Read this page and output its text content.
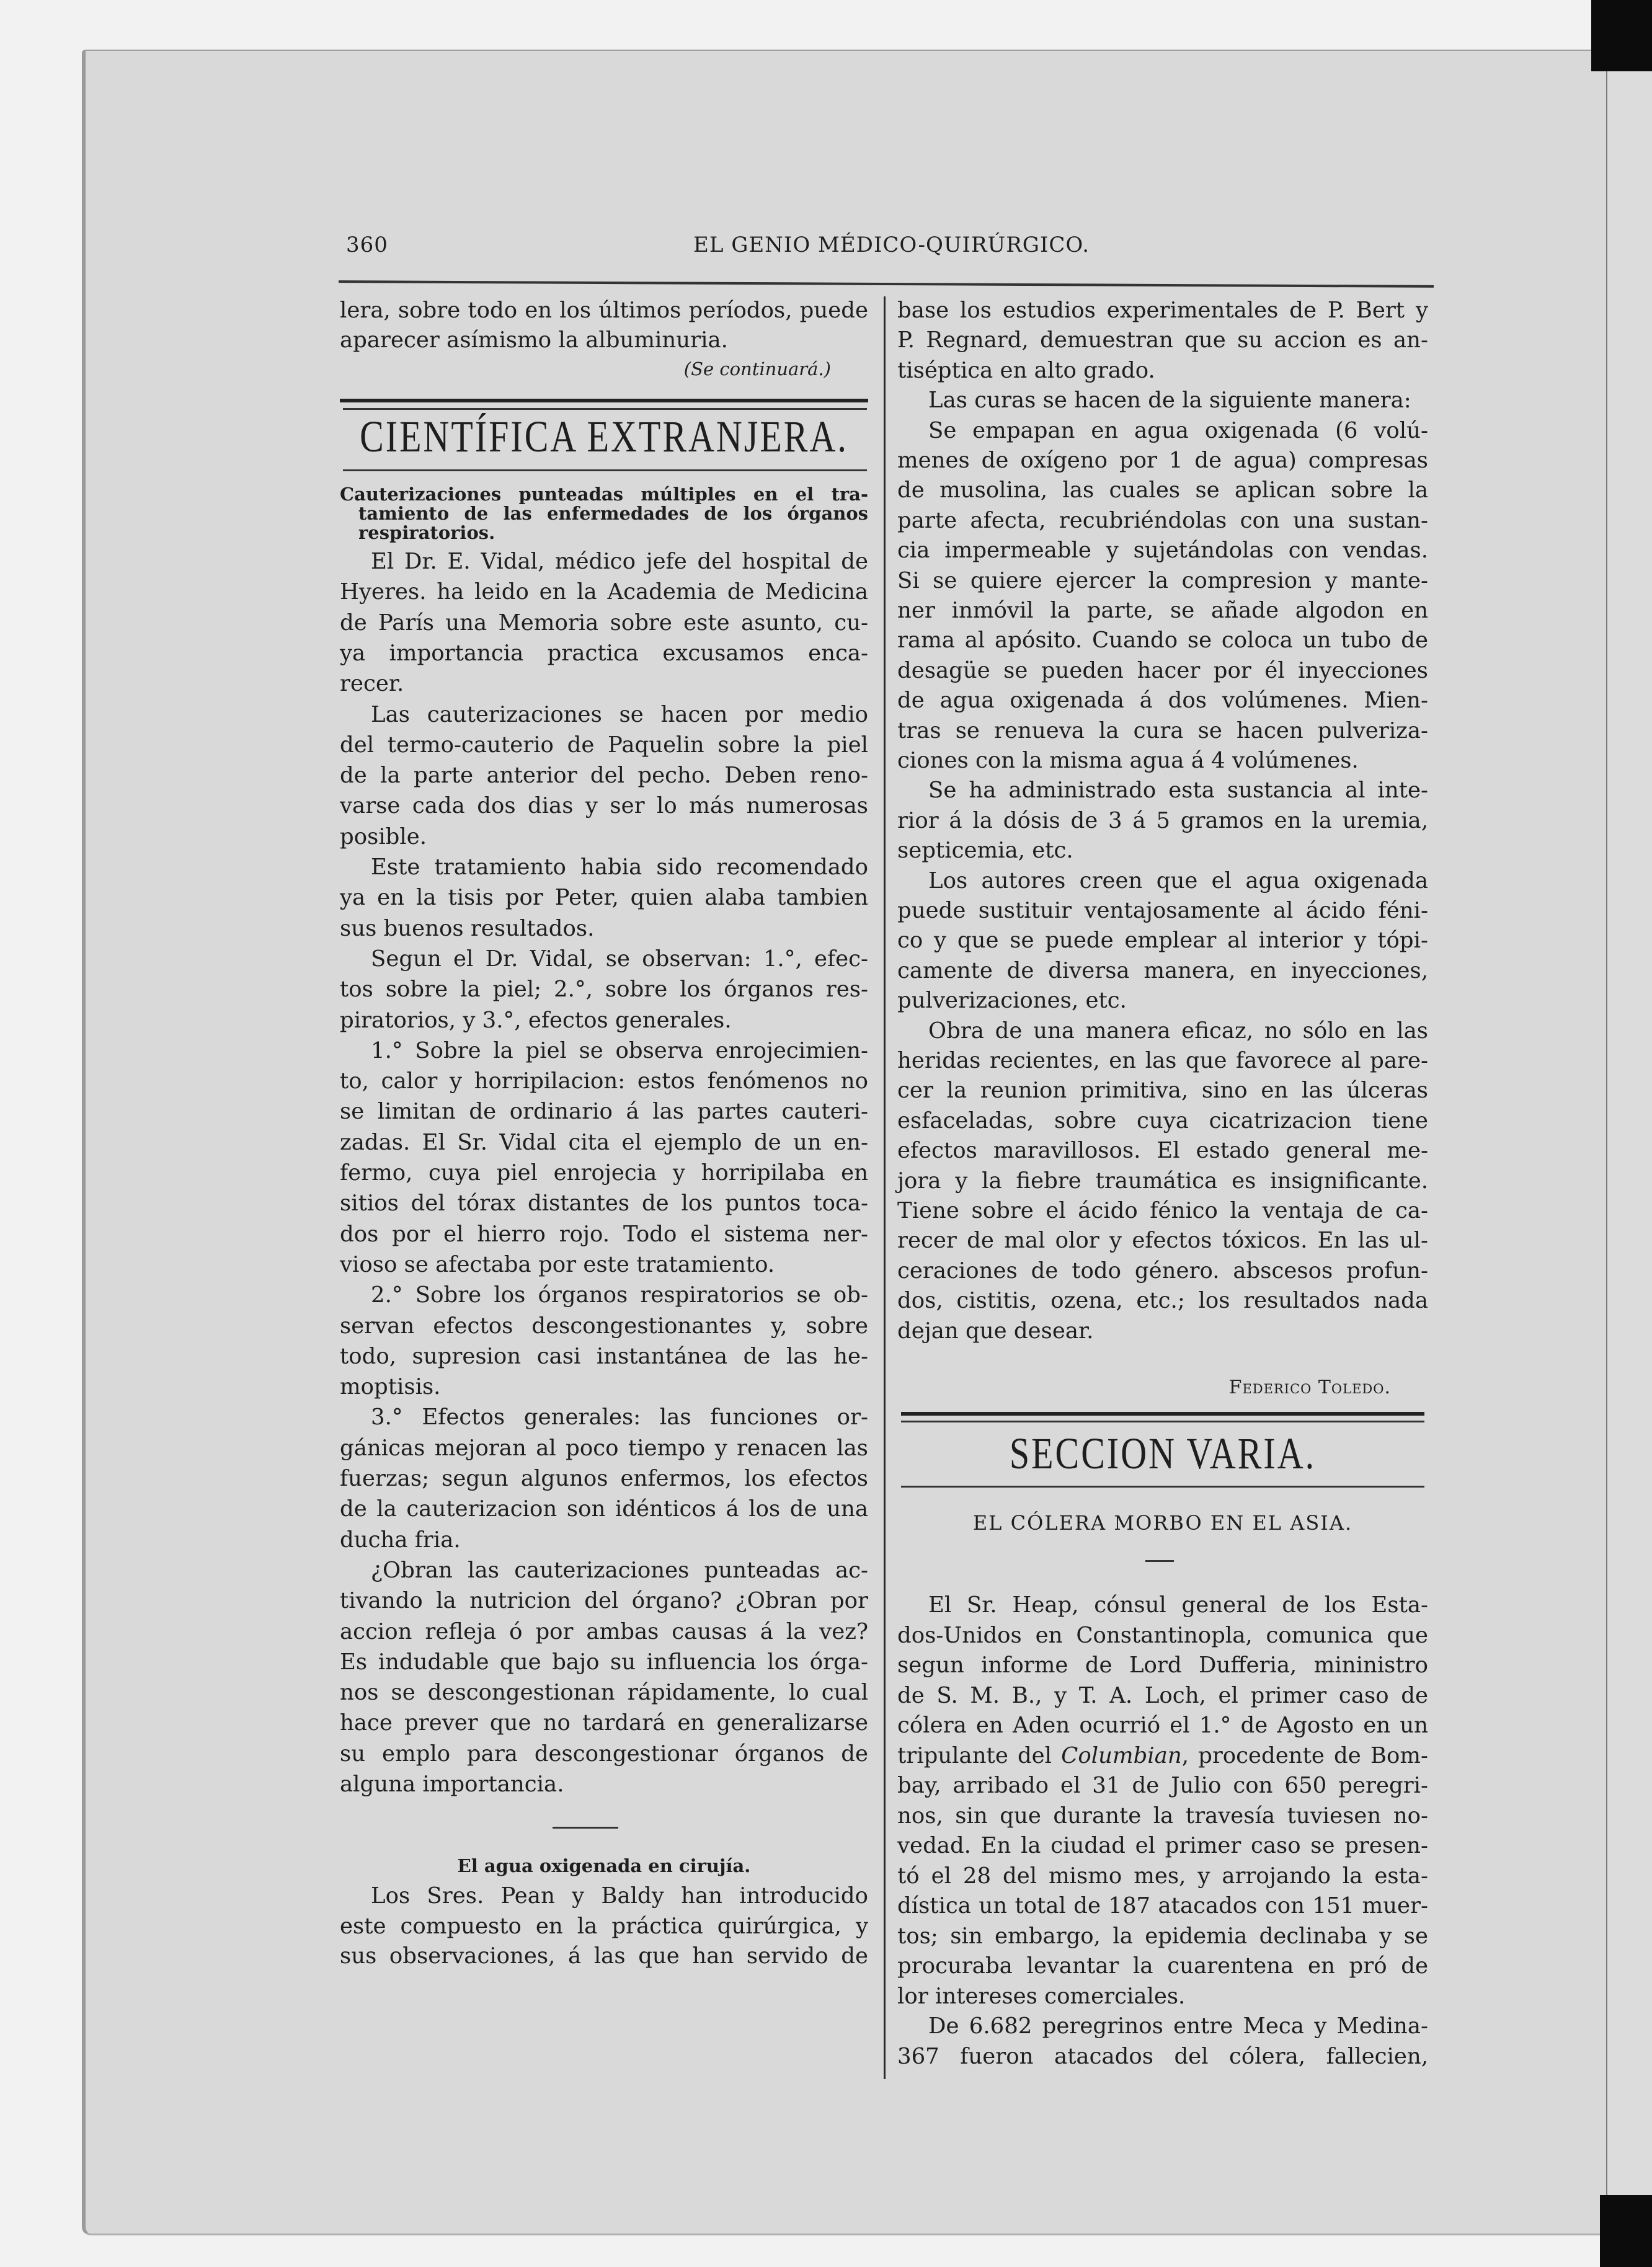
360	EL GENIO MÉDICO-QUIRÚRGICO.
lera, sobre todo en los últimos períodos, puede
aparecer asímismo la albuminuria.
(Se continuará.)
CIENTÍFICA EXTRANJERA.
Cauterizaciones punteadas múltiples en el tra-
tamiento de las enfermedades de los órganos
respiratorios.
El Dr. E. Vidal, médico jefe del hospital de
Hyeres. ha leido en la Academia de Medicina
de París una Memoria sobre este asunto, cu-
ya importancia practica excusamos enca-
recer.
Las cauterizaciones se hacen por medio
del termo-cauterio de Paquelin sobre la piel
de la parte anterior del pecho. Deben reno-
varse cada dos dias y ser lo más numerosas
posible.
Este tratamiento habia sido recomendado
ya en la tisis por Peter, quien alaba tambien
sus buenos resultados.
Segun el Dr. Vidal, se observan: 1.°, efec-
tos sobre la piel; 2.°, sobre los órganos res-
piratorios, y 3.°, efectos generales.
1.° Sobre la piel se observa enrojecimien-
to, calor y horripilacion: estos fenómenos no
se limitan de ordinario á las partes cauteri-
zadas. El Sr. Vidal cita el ejemplo de un en-
fermo, cuya piel enrojecia y horripilaba en
sitios del tórax distantes de los puntos toca-
dos por el hierro rojo. Todo el sistema ner-
vioso se afectaba por este tratamiento.
2.° Sobre los órganos respiratorios se ob-
servan efectos descongestionantes y, sobre
todo, supresion casi instantánea de las he-
moptisis.
3.° Efectos generales: las funciones or-
gánicas mejoran al poco tiempo y renacen las
fuerzas; segun algunos enfermos, los efectos
de la cauterizacion son idénticos á los de una
ducha fria.
¿Obran las cauterizaciones punteadas ac-
tivando la nutricion del órgano? ¿Obran por
accion refleja ó por ambas causas á la vez?
Es indudable que bajo su influencia los órga-
nos se descongestionan rápidamente, lo cual
hace prever que no tardará en generalizarse
su emplo para descongestionar órganos de
alguna importancia.
El agua oxigenada en cirujía.
Los Sres. Pean y Baldy han introducido
este compuesto en la práctica quirúrgica, y
sus observaciones, á las que han servido de
base los estudios experimentales de P. Bert y
P. Regnard, demuestran que su accion es an-
tiséptica en alto grado.
Las curas se hacen de la siguiente manera:
Se empapan en agua oxigenada (6 volú-
menes de oxígeno por 1 de agua) compresas
de musolina, las cuales se aplican sobre la
parte afecta, recubriéndolas con una sustan-
cia impermeable y sujetándolas con vendas.
Si se quiere ejercer la compresion y mante-
ner inmóvil la parte, se añade algodon en
rama al apósito. Cuando se coloca un tubo de
desagüe se pueden hacer por él inyecciones
de agua oxigenada á dos volúmenes. Mien-
tras se renueva la cura se hacen pulveriza-
ciones con la misma agua á 4 volúmenes.
Se ha administrado esta sustancia al inte-
rior á la dósis de 3 á 5 gramos en la uremia,
septicemia, etc.
Los autores creen que el agua oxigenada
puede sustituir ventajosamente al ácido féni-
co y que se puede emplear al interior y tópi-
camente de diversa manera, en inyecciones,
pulverizaciones, etc.
Obra de una manera eficaz, no sólo en las
heridas recientes, en las que favorece al pare-
cer la reunion primitiva, sino en las úlceras
esfaceladas, sobre cuya cicatrizacion tiene
efectos maravillosos. El estado general me-
jora y la fiebre traumática es insignificante.
Tiene sobre el ácido fénico la ventaja de ca-
recer de mal olor y efectos tóxicos. En las ul-
ceraciones de todo género. abscesos profun-
dos, cistitis, ozena, etc.; los resultados nada
dejan que desear.
Federico Toledo.
SECCION VARIA.
EL CÓLERA MORBO EN EL ASIA.
El Sr. Heap, cónsul general de los Esta-
dos-Unidos en Constantinopla, comunica que
segun informe de Lord Dufferia, mininistro
de S. M. B., y T. A. Loch, el primer caso de
cólera en Aden ocurrió el 1.° de Agosto en un
tripulante del Columbian, procedente de Bom-
bay, arribado el 31 de Julio con 650 peregri-
nos, sin que durante la travesía tuviesen no-
vedad. En la ciudad el primer caso se presen-
tó el 28 del mismo mes, y arrojando la esta-
dística un total de 187 atacados con 151 muer-
tos; sin embargo, la epidemia declinaba y se
procuraba levantar la cuarentena en pró de
lor intereses comerciales.
De 6.682 peregrinos entre Meca y Medina-
367 fueron atacados del cólera, fallecien,
